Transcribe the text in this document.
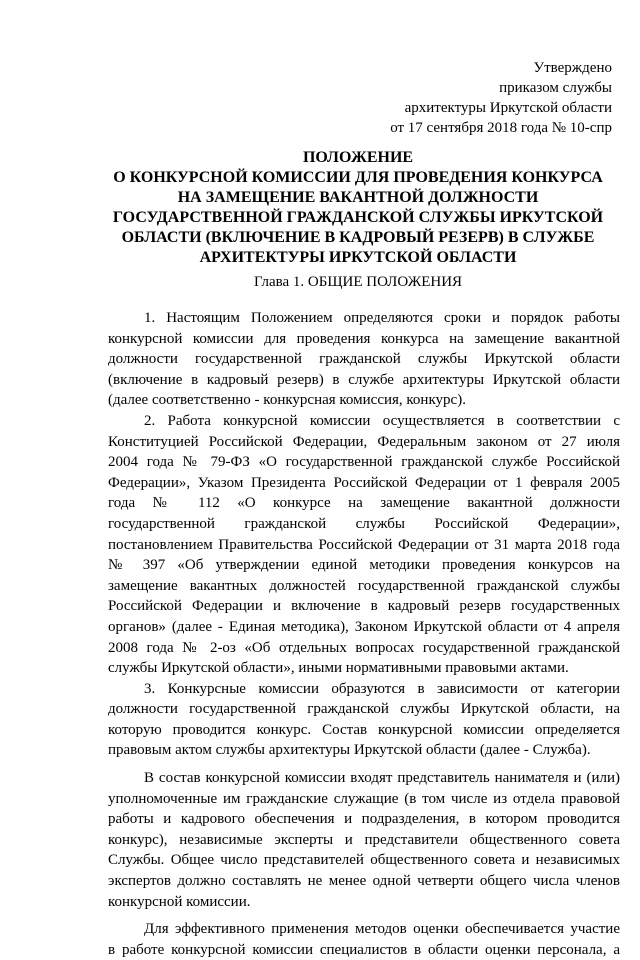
Утверждено
приказом службы
архитектуры Иркутской области
от 17 сентября 2018 года № 10-спр
ПОЛОЖЕНИЕ
О КОНКУРСНОЙ КОМИССИИ ДЛЯ ПРОВЕДЕНИЯ КОНКУРСА
НА ЗАМЕЩЕНИЕ ВАКАНТНОЙ ДОЛЖНОСТИ
ГОСУДАРСТВЕННОЙ ГРАЖДАНСКОЙ СЛУЖБЫ ИРКУТСКОЙ
ОБЛАСТИ (ВКЛЮЧЕНИЕ В КАДРОВЫЙ РЕЗЕРВ) В СЛУЖБЕ
АРХИТЕКТУРЫ ИРКУТСКОЙ ОБЛАСТИ
Глава 1. ОБЩИЕ ПОЛОЖЕНИЯ
1. Настоящим Положением определяются сроки и порядок работы
конкурсной комиссии для проведения конкурса на замещение вакантной
должности государственной гражданской службы Иркутской области
(включение в кадровый резерв) в службе архитектуры Иркутской области
(далее соответственно - конкурсная комиссия, конкурс).
2. Работа конкурсной комиссии осуществляется в соответствии с
Конституцией Российской Федерации, Федеральным законом от 27 июля
2004 года № 79-ФЗ «О государственной гражданской службе Российской
Федерации», Указом Президента Российской Федерации от 1 февраля 2005
года № 112 «О конкурсе на замещение вакантной должности
государственной гражданской службы Российской Федерации»,
постановлением Правительства Российской Федерации от 31 марта 2018 года
№ 397 «Об утверждении единой методики проведения конкурсов на
замещение вакантных должностей государственной гражданской службы
Российской Федерации и включение в кадровый резерв государственных
органов» (далее - Единая методика), Законом Иркутской области от 4 апреля
2008 года № 2-оз «Об отдельных вопросах государственной гражданской
службы Иркутской области», иными нормативными правовыми актами.
3. Конкурсные комиссии образуются в зависимости от категории
должности государственной гражданской службы Иркутской области, на
которую проводится конкурс. Состав конкурсной комиссии определяется
правовым актом службы архитектуры Иркутской области (далее - Служба).
В состав конкурсной комиссии входят представитель нанимателя и (или)
уполномоченные им гражданские служащие (в том числе из отдела правовой
работы и кадрового обеспечения и подразделения, в котором проводится
конкурс), независимые эксперты и представители общественного совета
Службы. Общее число представителей общественного совета и независимых
экспертов должно составлять не менее одной четверти общего числа членов
конкурсной комиссии.
Для эффективного применения методов оценки обеспечивается участие
в работе конкурсной комиссии специалистов в области оценки персонала, а
